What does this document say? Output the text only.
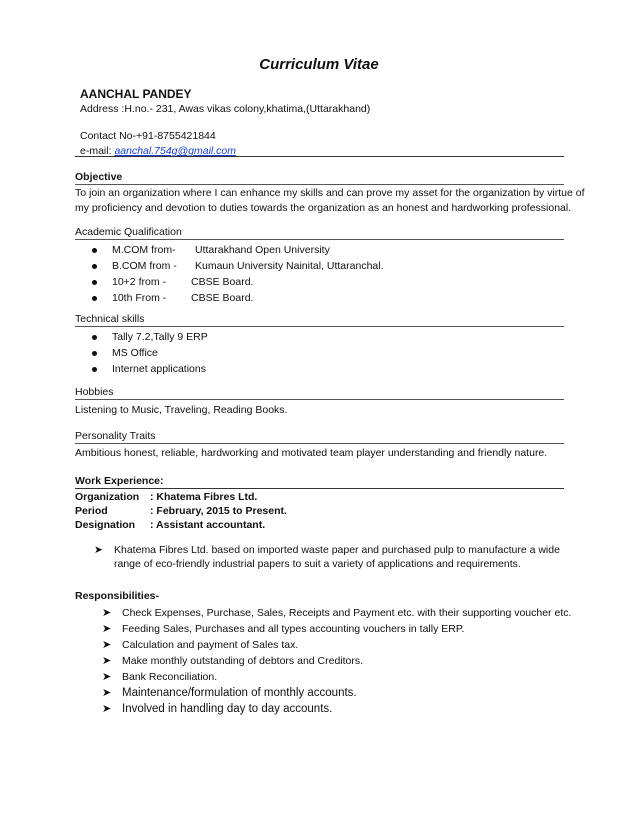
Curriculum Vitae
AANCHAL PANDEY
Address :H.no.- 231, Awas vikas colony,khatima,(Uttarakhand)
Contact No-+91-8755421844
e-mail: aanchal.754g@gmail.com
Objective
To join an organization where I can enhance my skills and can prove my asset for the organization by virtue of
my proficiency and devotion to duties towards the organization as an honest and hardworking professional.
Academic Qualification
M.COM from- Uttarakhand Open University
B.COM from - Kumaun University Nainital, Uttaranchal.
10+2 from - CBSE Board.
10th From - CBSE Board.
Technical skills
Tally 7.2,Tally 9 ERP
MS Office
Internet applications
Hobbies
Listening to Music, Traveling, Reading Books.
Personality Traits
Ambitious honest, reliable, hardworking and motivated team player understanding and friendly nature.
Work Experience:
Organization : Khatema Fibres Ltd.
Period	: February, 2015 to Present.
Designation : Assistant accountant.
➤ Khatema Fibres Ltd. based on imported waste paper and purchased pulp to manufacture a wide
range of eco-friendly industrial papers to suit a variety of applications and requirements.
Responsibilities-
➤ Check Expenses, Purchase, Sales, Receipts and Payment etc. with their supporting voucher etc.
➤ Feeding Sales, Purchases and all types accounting vouchers in tally ERP.
➤ Calculation and payment of Sales tax.
➤ Make monthly outstanding of debtors and Creditors.
➤ Bank Reconciliation.
➤ Maintenance/formulation of monthly accounts.
➤ Involved in handling day to day accounts.
